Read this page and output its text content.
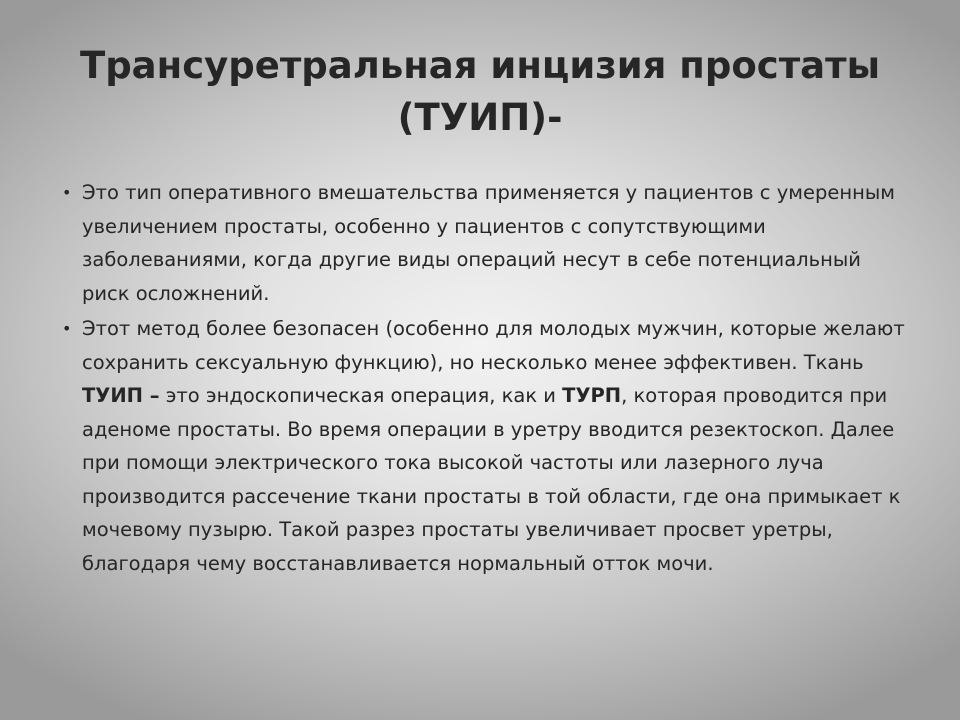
Трансуретральная инцизия простаты
(ТУИП)-
• Это тип оперативного вмешательства применяется у пациентов с умеренным увеличением простаты, особенно у пациентов с сопутствующими заболеваниями, когда другие виды операций несут в себе потенциальный риск осложнений.
• Этот метод более безопасен (особенно для молодых мужчин, которые желают сохранить сексуальную функцию), но несколько менее эффективен. Ткань ТУИП – это эндоскопическая операция, как и ТУРП, которая проводится при аденоме простаты. Во время операции в уретру вводится резектоскоп. Далее при помощи электрического тока высокой частоты или лазерного луча производится рассечение ткани простаты в той области, где она примыкает к мочевому пузырю. Такой разрез простаты увеличивает просвет уретры, благодаря чему восстанавливается нормальный отток мочи.
